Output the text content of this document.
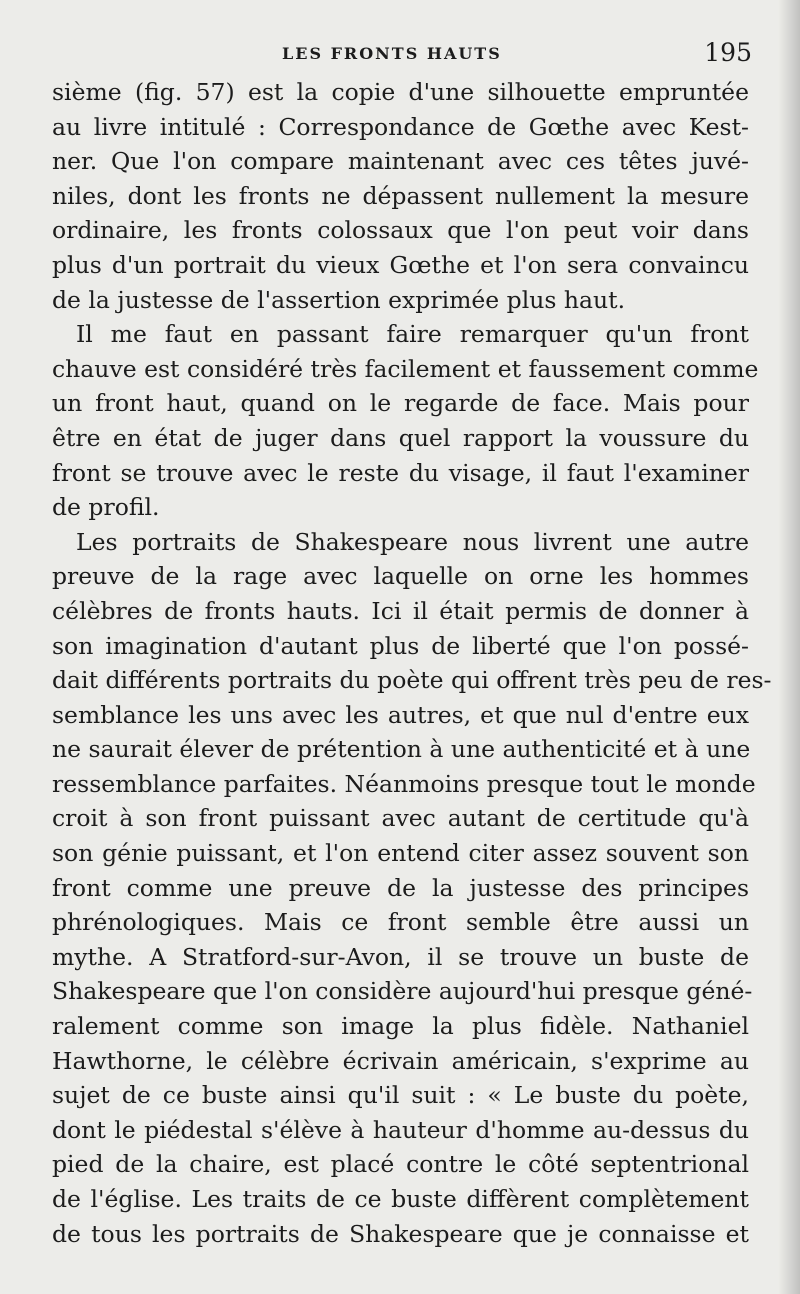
LES FRONTS HAUTS	195
sième (fig. 57) est la copie d'une silhouette empruntée
au livre intitulé : Correspondance de Gœthe avec Kest-
ner. Que l'on compare maintenant avec ces têtes juvé-
niles, dont les fronts ne dépassent nullement la mesure
ordinaire, les fronts colossaux que l'on peut voir dans
plus d'un portrait du vieux Gœthe et l'on sera convaincu
de la justesse de l'assertion exprimée plus haut.
Il me faut en passant faire remarquer qu'un front
chauve est considéré très facilement et faussement comme
un front haut, quand on le regarde de face. Mais pour
être en état de juger dans quel rapport la voussure du
front se trouve avec le reste du visage, il faut l'examiner
de profil.
Les portraits de Shakespeare nous livrent une autre
preuve de la rage avec laquelle on orne les hommes
célèbres de fronts hauts. Ici il était permis de donner à
son imagination d'autant plus de liberté que l'on possé-
dait différents portraits du poète qui offrent très peu de res-
semblance les uns avec les autres, et que nul d'entre eux
ne saurait élever de prétention à une authenticité et à une
ressemblance parfaites. Néanmoins presque tout le monde
croit à son front puissant avec autant de certitude qu'à
son génie puissant, et l'on entend citer assez souvent son
front comme une preuve de la justesse des principes
phrénologiques. Mais ce front semble être aussi un
mythe. A Stratford-sur-Avon, il se trouve un buste de
Shakespeare que l'on considère aujourd'hui presque géné-
ralement comme son image la plus fidèle. Nathaniel
Hawthorne, le célèbre écrivain américain, s'exprime au
sujet de ce buste ainsi qu'il suit : « Le buste du poète,
dont le piédestal s'élève à hauteur d'homme au-dessus du
pied de la chaire, est placé contre le côté septentrional
de l'église. Les traits de ce buste diffèrent complètement
de tous les portraits de Shakespeare que je connaisse et
